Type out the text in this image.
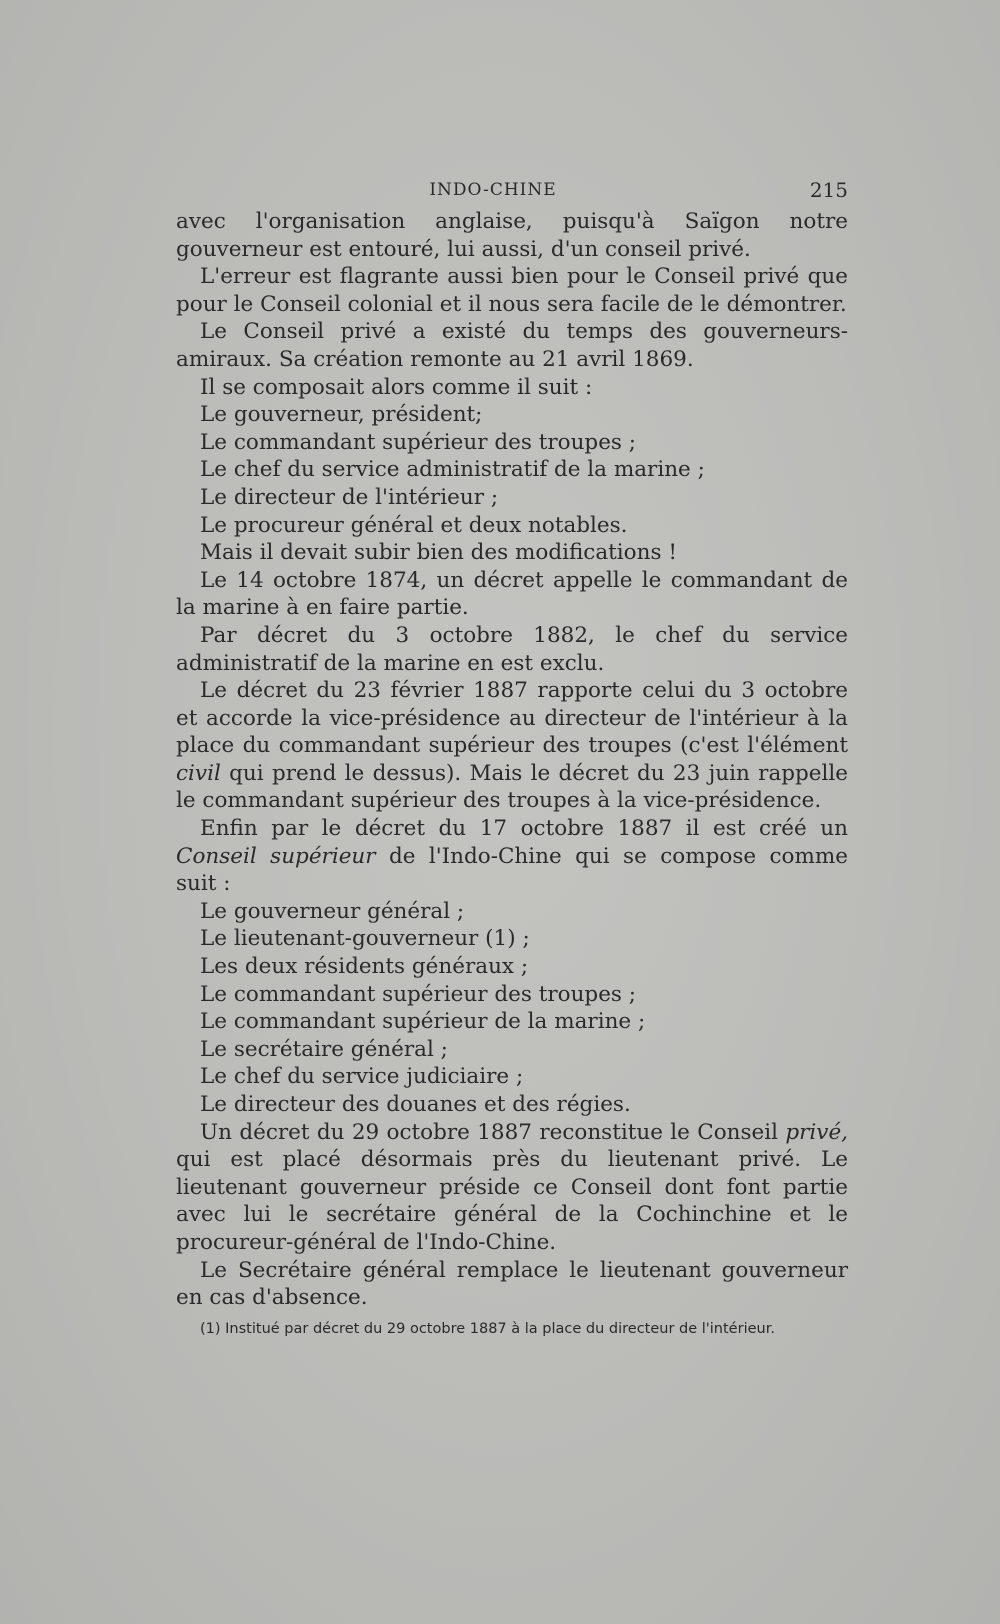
INDO-CHINE	215

avec l'organisation anglaise, puisqu'à Saïgon notre gouverneur est entouré, lui aussi, d'un conseil privé.

L'erreur est flagrante aussi bien pour le Conseil privé que pour le Conseil colonial et il nous sera facile de le démontrer.

Le Conseil privé a existé du temps des gouverneurs-amiraux. Sa création remonte au 21 avril 1869.

Il se composait alors comme il suit :

Le gouverneur, président;

Le commandant supérieur des troupes ;

Le chef du service administratif de la marine ;

Le directeur de l'intérieur ;

Le procureur général et deux notables.

Mais il devait subir bien des modifications !

Le 14 octobre 1874, un décret appelle le commandant de la marine à en faire partie.

Par décret du 3 octobre 1882, le chef du service administratif de la marine en est exclu.

Le décret du 23 février 1887 rapporte celui du 3 octobre et accorde la vice-présidence au directeur de l'intérieur à la place du commandant supérieur des troupes (c'est l'élément civil qui prend le dessus). Mais le décret du 23 juin rappelle le commandant supérieur des troupes à la vice-présidence.

Enfin par le décret du 17 octobre 1887 il est créé un Conseil supérieur de l'Indo-Chine qui se compose comme suit :

Le gouverneur général ;

Le lieutenant-gouverneur (1) ;

Les deux résidents généraux ;

Le commandant supérieur des troupes ;

Le commandant supérieur de la marine ;

Le secrétaire général ;

Le chef du service judiciaire ;

Le directeur des douanes et des régies.

Un décret du 29 octobre 1887 reconstitue le Conseil privé, qui est placé désormais près du lieutenant privé. Le lieutenant gouverneur préside ce Conseil dont font partie avec lui le secrétaire général de la Cochinchine et le procureur-général de l'Indo-Chine.

Le Secrétaire général remplace le lieutenant gouverneur en cas d'absence.

(1) Institué par décret du 29 octobre 1887 à la place du directeur de l'intérieur.
